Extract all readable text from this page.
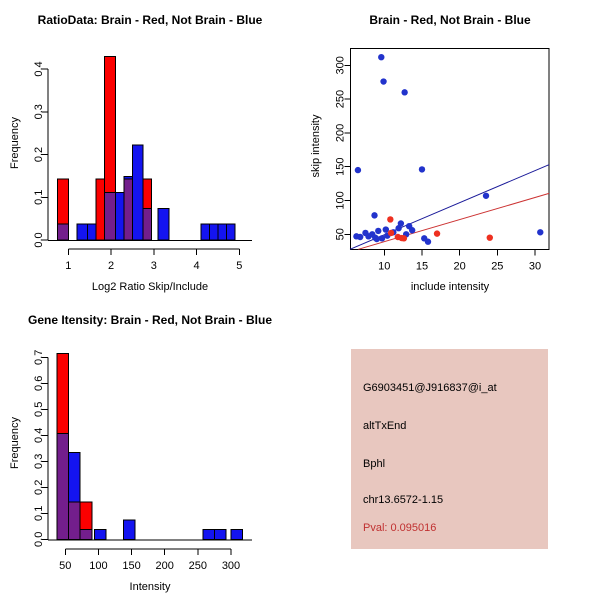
0.0
0.1
0.2
0.3
0.4
1	2	3	4	5
RatioData: Brain - Red, Not Brain - Blue
Frequency
Log2 Ratio Skip/Include
10 15 20 25 30
50
100
150
200
250
300
Brain - Red, Not Brain - Blue
skip intensity
include intensity
0.0
0.1
0.2
0.3
0.4
0.5
0.6
0.7
50 100 150 200 250 300
Gene Itensity: Brain - Red, Not Brain - Blue
Frequency
Intensity
G6903451@J916837@i_at
altTxEnd
Bphl
chr13.6572-1.15
Pval: 0.095016
